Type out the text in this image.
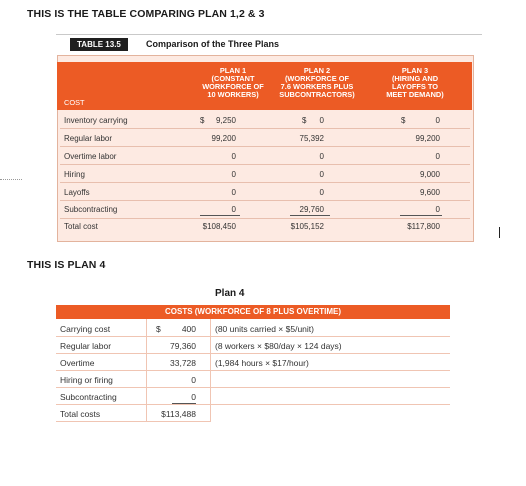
THIS IS THE TABLE COMPARING PLAN 1,2 & 3
TABLE 13.5	Comparison of the Three Plans
COST
PLAN 1
(CONSTANT
WORKFORCE OF
10 WORKERS)
PLAN 2
(WORKFORCE OF
7.6 WORKERS PLUS
SUBCONTRACTORS)
PLAN 3
(HIRING AND
LAYOFFS TO
MEET DEMAND)
Inventory carrying	$	9,250	$	0	$	0
Regular labor	99,200	75,392	99,200
Overtime labor	0	0	0
Hiring	0	0	9,000
Layoffs	0	0	9,600
Subcontracting	0	29,760	0
Total cost	$108,450	$105,152	$117,800
THIS IS PLAN 4
Plan 4
COSTS (WORKFORCE OF 8 PLUS OVERTIME)
Carrying cost	$	400 (80 units carried × $5/unit)
Regular labor	79,360 (8 workers × $80/day × 124 days)
Overtime	33,728 (1,984 hours × $17/hour)
Hiring or firing	0
Subcontracting	0
Total costs	$113,488
